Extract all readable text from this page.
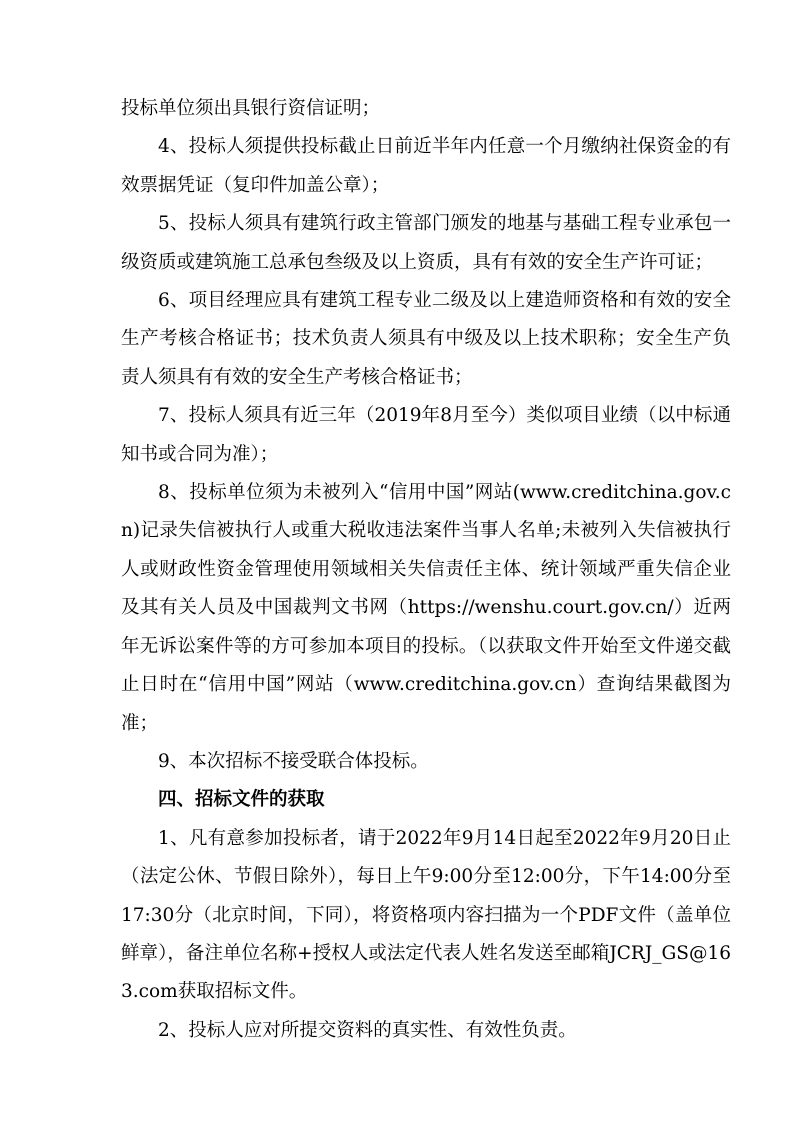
投标单位须出具银行资信证明；

4、投标人须提供投标截止日前近半年内任意一个月缴纳社保资金的有效票据凭证（复印件加盖公章）；

5、投标人须具有建筑行政主管部门颁发的地基与基础工程专业承包一级资质或建筑施工总承包叁级及以上资质，具有有效的安全生产许可证；

6、项目经理应具有建筑工程专业二级及以上建造师资格和有效的安全生产考核合格证书；技术负责人须具有中级及以上技术职称；安全生产负责人须具有有效的安全生产考核合格证书；

7、投标人须具有近三年（2019年8月至今）类似项目业绩（以中标通知书或合同为准）；

8、投标单位须为未被列入“信用中国”网站(www.creditchina.gov.cn)记录失信被执行人或重大税收违法案件当事人名单;未被列入失信被执行人或财政性资金管理使用领域相关失信责任主体、统计领域严重失信企业及其有关人员及中国裁判文书网（https://wenshu.court.gov.cn/）近两年无诉讼案件等的方可参加本项目的投标。（以获取文件开始至文件递交截止日时在“信用中国”网站（www.creditchina.gov.cn）查询结果截图为准；

9、本次招标不接受联合体投标。

四、招标文件的获取

1、凡有意参加投标者，请于2022年9月14日起至2022年9月20日止（法定公休、节假日除外），每日上午9:00分至12:00分，下午14:00分至17:30分（北京时间，下同），将资格项内容扫描为一个PDF文件（盖单位鲜章），备注单位名称+授权人或法定代表人姓名发送至邮箱JCRJ_GS@163.com获取招标文件。

2、投标人应对所提交资料的真实性、有效性负责。
